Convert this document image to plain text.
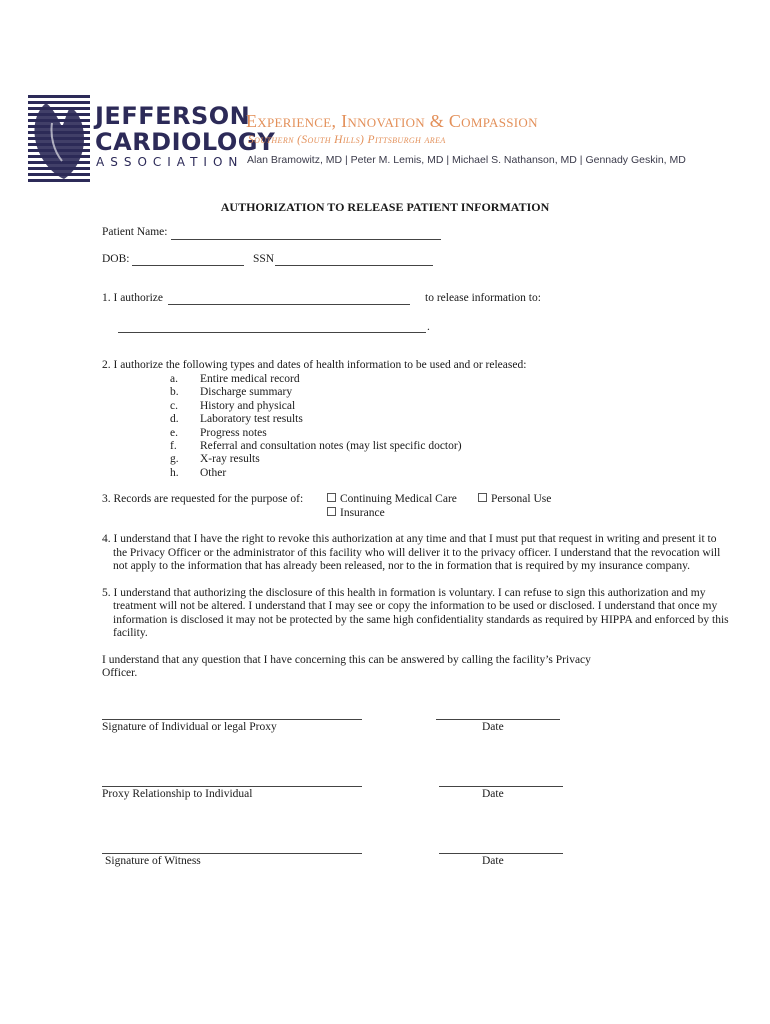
JEFFERSON
CARDIOLOGY
ASSOCIATION
Experience, Innovation & Compassion
Southern (South Hills) Pittsburgh area
Alan Bramowitz, MD | Peter M. Lemis, MD | Michael S. Nathanson, MD | Gennady Geskin, MD
AUTHORIZATION TO RELEASE PATIENT INFORMATION
Patient Name:
DOB:	SSN
1. I authorize	to release information to:
.
2. I authorize the following types and dates of health information to be used and or released:
a. Entire medical record
b. Discharge summary
c. History and physical
d. Laboratory test results
e. Progress notes
f. Referral and consultation notes (may list specific doctor)
g. X-ray results
h. Other
3. Records are requested for the purpose of:	Continuing Medical Care	Personal Use
Insurance
4. I understand that I have the right to revoke this authorization at any time and that I must put that request in writing and present it to
the Privacy Officer or the administrator of this facility who will deliver it to the privacy officer. I understand that the revocation will
not apply to the information that has already been released, nor to the in formation that is required by my insurance company.
5. I understand that authorizing the disclosure of this health in formation is voluntary. I can refuse to sign this authorization and my
treatment will not be altered. I understand that I may see or copy the information to be used or disclosed. I understand that once my
information is disclosed it may not be protected by the same high confidentiality standards as required by HIPPA and enforced by this
facility.
I understand that any question that I have concerning this can be answered by calling the facility’s Privacy
Officer.
Signature of Individual or legal Proxy	Date
Proxy Relationship to Individual	Date
Signature of Witness	Date
